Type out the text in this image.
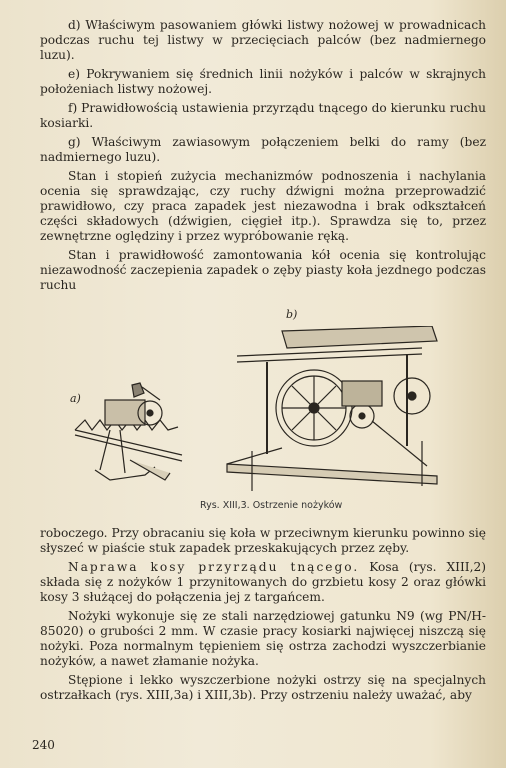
d) Właściwym pasowaniem główki listwy nożowej w prowadnicach podczas ruchu tej listwy w przecięciach palców (bez nadmiernego luzu).

e) Pokrywaniem się średnich linii nożyków i palców w skrajnych położeniach listwy nożowej.

f) Prawidłowością ustawienia przyrządu tnącego do kierunku ruchu kosiarki.

g) Właściwym zawiasowym połączeniem belki do ramy (bez nadmiernego luzu).

Stan i stopień zużycia mechanizmów podnoszenia i nachylania ocenia się sprawdzając, czy ruchy dźwigni można przeprowadzić prawidłowo, czy praca zapadek jest niezawodna i brak odkształceń części składowych (dźwigien, cięgieł itp.). Sprawdza się to, przez zewnętrzne oględziny i przez wypróbowanie ręką.

Stan i prawidłowość zamontowania kół ocenia się kontrolując niezawodność zaczepienia zapadek o zęby piasty koła jezdnego podczas ruchu

a)
b)
Rys. XIII,3. Ostrzenie nożyków

roboczego. Przy obracaniu się koła w przeciwnym kierunku powinno się słyszeć w piaście stuk zapadek przeskakujących przez zęby.

Naprawa kosy przyrządu tnącego. Kosa (rys. XIII,2) składa się z nożyków 1 przynitowanych do grzbietu kosy 2 oraz główki kosy 3 służącej do połączenia jej z targańcem.

Nożyki wykonuje się ze stali narzędziowej gatunku N9 (wg PN/H-85020) o grubości 2 mm. W czasie pracy kosiarki najwięcej niszczą się nożyki. Poza normalnym tępieniem się ostrza zachodzi wyszczerbianie nożyków, a nawet złamanie nożyka.

Stępione i lekko wyszczerbione nożyki ostrzy się na specjalnych ostrzałkach (rys. XIII,3a) i XIII,3b). Przy ostrzeniu należy uważać, aby

240
